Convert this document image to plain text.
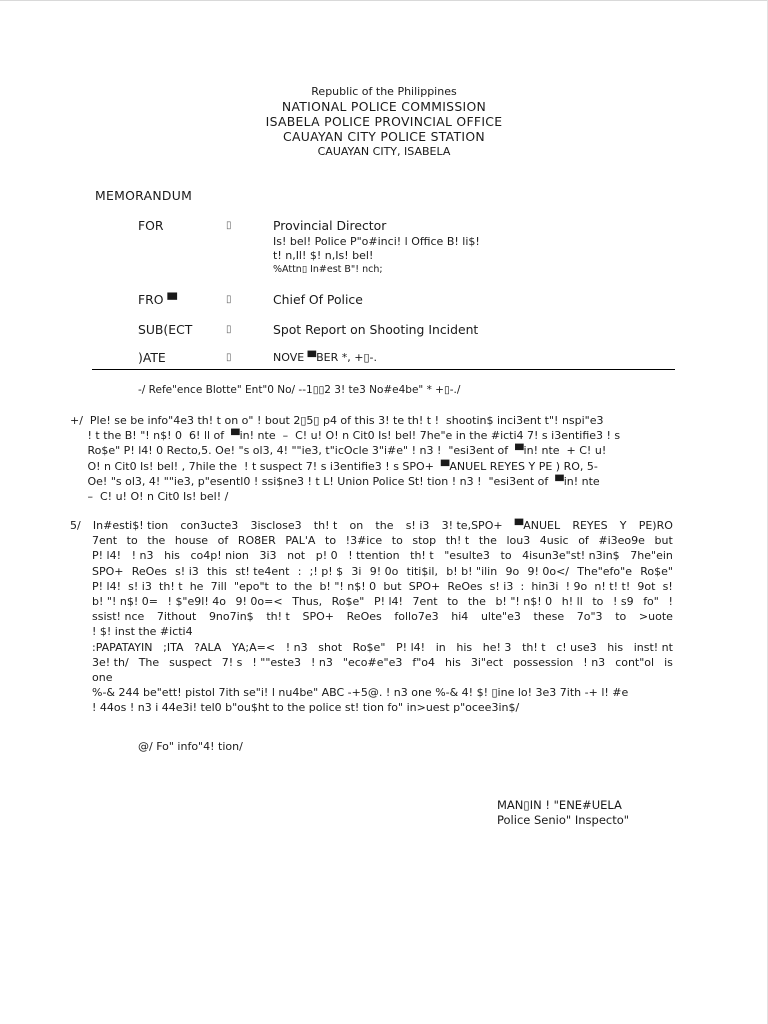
Republic of the Philippines
NATIONAL POLICE COMMISSION
ISABELA POLICE PROVINCIAL OFFICE
CAUAYAN CITY POLICE STATION
CAUAYAN CITY, ISABELA
MEMORANDUM
FOR	▯	Provincial Director
Is! bel! Police P"o#inci! l Office B! li$!
t! n,Il! $! n,Is! bel!
%Attn▯ In#est B"! nch;
FRO ▀	▯	Chief Of Police
SUB(ECT	▯	Spot Report on Shooting Incident
)ATE	▯	NOVE ▀BER *, +▯-.
-/ Refe"ence Blotte" Ent"0 No/ --1▯▯2 3! te3 No#e4be" * +▯-./
+/  Ple! se be info"4e3 th! t on o" ! bout 2▯5▯ p4 of this 3! te th! t !  shootin$ inci3ent t"! nspi"e3
! t the B! "! n$! 0  6! ll of  ▀in! nte  –  C! u! O! n Cit0 Is! bel! 7he"e in the #icti4 7! s i3entifie3 ! s
Ro$e" P! l4! 0 Recto,5. Oe! "s ol3, 4! ""ie3, t"icOcle 3"i#e" ! n3 !  "esi3ent of  ▀in! nte  + C! u!
O! n Cit0 Is! bel! , 7hile the  ! t suspect 7! s i3entifie3 ! s SPO+  ▀ANUEL REYES Y PE ) RO, 5-
Oe! "s ol3, 4! ""ie3, p"esentl0 ! ssi$ne3 ! t L! Union Police St! tion ! n3 !  "esi3ent of  ▀in! nte
–  C! u! O! n Cit0 Is! bel! /
5/ In#esti$! tion con3ucte3 3isclose3 th! t on the s! i3 3! te,SPO+ ▀ANUEL REYES Y PE)RO
7ent to the house of RO8ER PAL'A to !3#ice to stop th! t the lou3 4usic of #i3eo9e but
P! l4! ! n3 his co4p! nion 3i3 not p! 0 ! ttention th! t "esulte3 to 4isun3e"st! n3in$ 7he"ein
SPO+ ReOes s! i3 this st! te4ent : ;! p! $ 3i 9! 0o titi$il, b! b! "ilin 9o 9! 0o</ The"efo"e Ro$e"
P! l4! s! i3 th! t he 7ill "epo"t to the b! "! n$! 0 but SPO+ ReOes s! i3 : hin3i ! 9o n! t! t! 9ot s!
b! "! n$! 0= ! $"e9l! 4o 9! 0o=< Thus, Ro$e" P! l4! 7ent to the b! "! n$! 0 h! ll to ! s9 fo" !
ssist! nce 7ithout 9no7in$ th! t SPO+ ReOes follo7e3 hi4 ulte"e3 these 7o"3 to >uote
! $! inst the #icti4
:PAPATAYIN ;ITA ?ALA YA;A=< ! n3 shot Ro$e" P! l4! in his he! 3 th! t c! use3 his inst! nt
3e! th/ The suspect 7! s ! ""este3 ! n3 "eco#e"e3 f"o4 his 3i"ect possession ! n3 cont"ol is
one
%-& 244 be"ett! pistol 7ith se"i! l nu4be" ABC -+5@. ! n3 one %-& 4! $! ▯ine lo! 3e3 7ith -+ l! #e
! 44os ! n3 i 44e3i! tel0 b"ou$ht to the police st! tion fo" in>uest p"ocee3in$/
@/ Fo" info"4! tion/
MAN▯IN ! "ENE#UELA
Police Senio" Inspecto"
